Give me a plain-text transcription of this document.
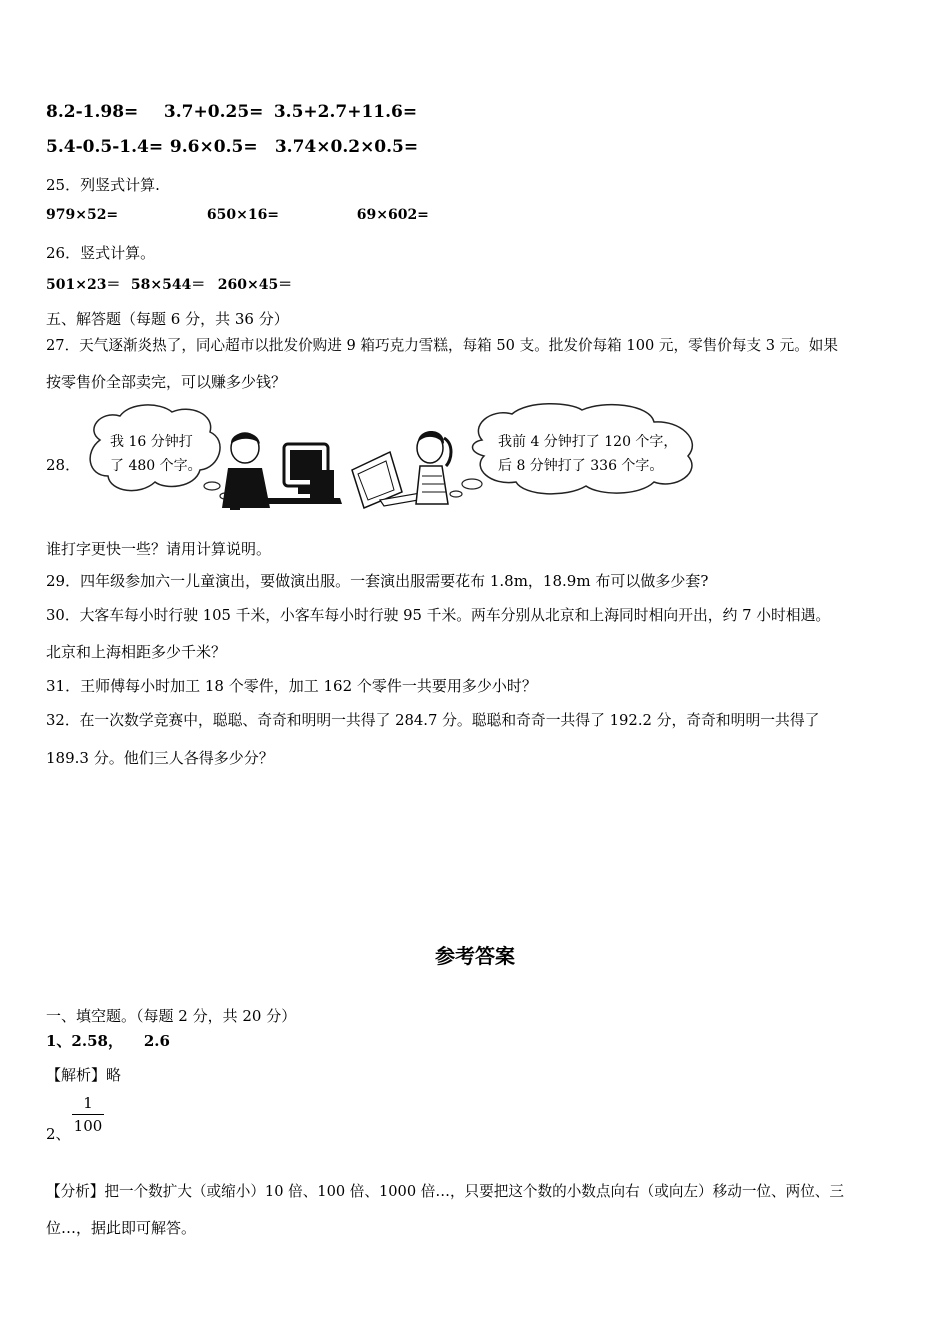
8.2-1.98= 3.7+0.25= 3.5+2.7+11.6=
5.4-0.5-1.4= 9.6×0.5= 3.74×0.2×0.5=
25．列竖式计算.
979×52=	650×16=	69×602=
26．竖式计算。
501×23＝ 58×544＝ 260×45＝
五、解答题（每题 6 分，共 36 分）
27．天气逐渐炎热了，同心超市以批发价购进 9 箱巧克力雪糕，每箱 50 支。批发价每箱 100 元，零售价每支 3 元。如果
按零售价全部卖完，可以赚多少钱？
28．
我 16 分钟打
了 480 个字。
我前 4 分钟打了 120 个字，
后 8 分钟打了 336 个字。
谁打字更快一些？请用计算说明。
29．四年级参加六一儿童演出，要做演出服。一套演出服需要花布 1.8m，18.9m 布可以做多少套?
30．大客车每小时行驶 105 千米，小客车每小时行驶 95 千米。两车分别从北京和上海同时相向开出，约 7 小时相遇。
北京和上海相距多少千米？
31．王师傅每小时加工 18 个零件，加工 162 个零件一共要用多少小时？
32．在一次数学竞赛中，聪聪、奇奇和明明一共得了 284.7 分。聪聪和奇奇一共得了 192.2 分，奇奇和明明一共得了
189.3 分。他们三人各得多少分？
参考答案
一、填空题。（每题 2 分，共 20 分）
1、2.58，    2.6
【解析】略
2、
1
100
【分析】把一个数扩大（或缩小）10 倍、100 倍、1000 倍…，只要把这个数的小数点向右（或向左）移动一位、两位、三
位…，据此即可解答。
